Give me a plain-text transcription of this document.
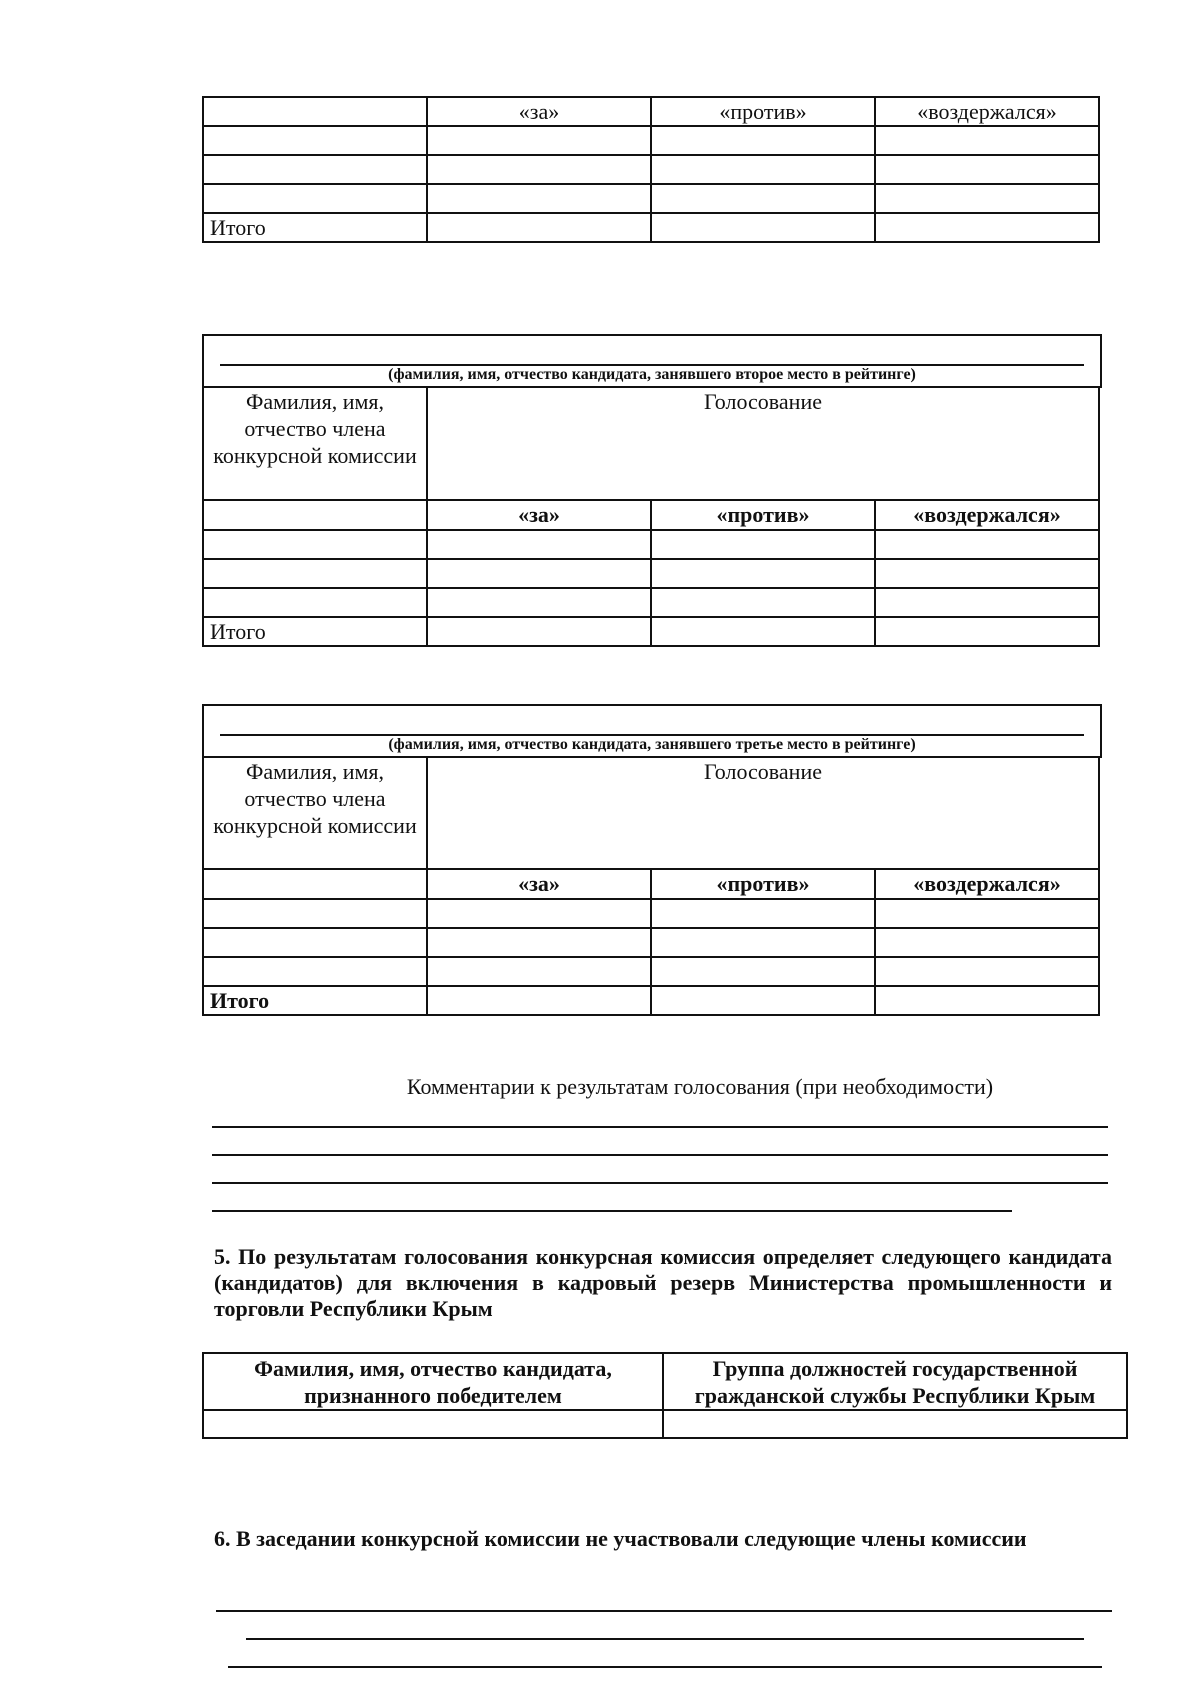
	«за»	«против»	«воздержался»

Итого			
(фамилия, имя, отчество кандидата, занявшего второе место в рейтинге)
Фамилия, имя, отчество члена конкурсной комиссии	Голосование		
	«за»	«против»	«воздержался»

Итого			
(фамилия, имя, отчество кандидата, занявшего третье место в рейтинге)
Фамилия, имя, отчество члена конкурсной комиссии	Голосование		
	«за»	«против»	«воздержался»

Итого			
Комментарии к результатам голосования (при необходимости)
5. По результатам голосования конкурсная комиссия определяет следующего кандидата (кандидатов) для включения в кадровый резерв Министерства промышленности и торговли Республики Крым
Фамилия, имя, отчество кандидата, признанного победителем	Группа должностей государственной гражданской службы Республики Крым

6. В заседании конкурсной комиссии не участвовали следующие члены комиссии
